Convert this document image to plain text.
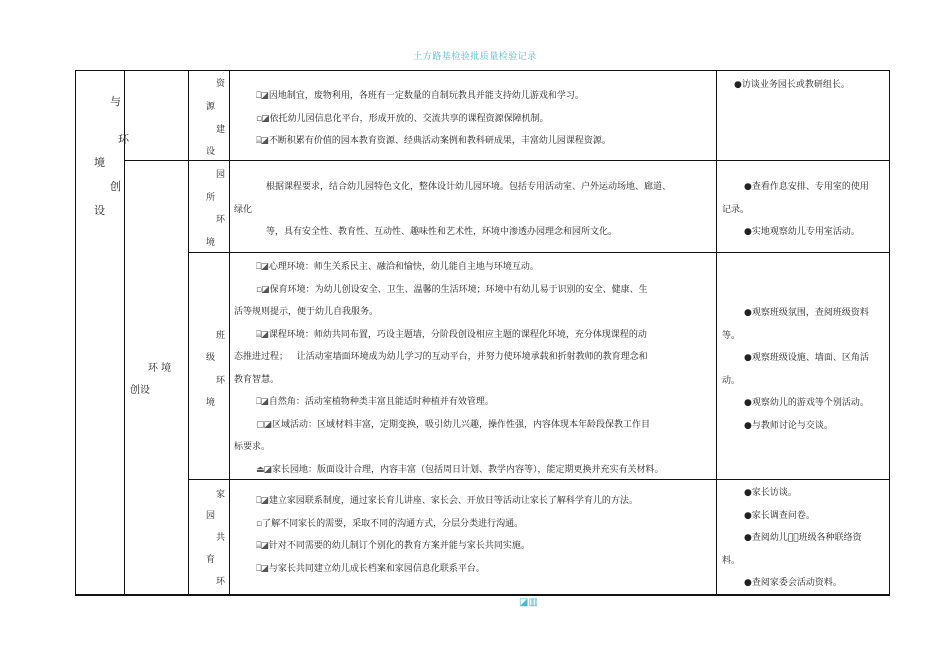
土方路基检验批质量检验记录
与
环
境
创
设
环 境
创设
资
源
建
设
园
所
环
境
班
级
环
境
家
园
共
育
环

⎕◪因地制宜，废物利用，各班有一定数量的自制玩教具并能支持幼儿游戏和学习。

▫◪依托幼儿园信息化平台，形成开放的、交流共享的课程资源保障机制。

⌸◪不断积累有价值的园本教育资源、经典活动案例和教科研成果，丰富幼儿园课程资源。

根据课程要求，结合幼儿园特色文化，整体设计幼儿园环境。包括专用活动室、户外运动场地、廊道、

绿化

等，具有安全性、教育性、互动性、趣味性和艺术性，环境中渗透办园理念和园所文化。

⎕◪心理环境：师生关系民主、融洽和愉快，幼儿能自主地与环境互动。

▫◪保育环境：为幼儿创设安全、卫生、温馨的生活环境；环境中有幼儿易于识别的安全、健康、生

活等规则提示，便于幼儿自我服务。

⌸◪课程环境：师幼共同布置，巧设主题墙，分阶段创设相应主题的课程化环境，充分体现课程的动

态推进过程；   让活动室墙面环境成为幼儿学习的互动平台，并努力使环境承载和折射教师的教育理念和

教育智慧。

⎕◪自然角：活动室植物种类丰富且能适时种植并有效管理。

▢◪区域活动：区域材料丰富，定期变换，吸引幼儿兴趣，操作性强，内容体现本年龄段保教工作目

标要求。

⏏◪家长园地：版面设计合理，内容丰富（包括周日计划、教学内容等），能定期更换并充实有关材料。

⎕◪建立家园联系制度，通过家长育儿讲座、家长会、开放日等活动让家长了解科学育儿的方法。

▫了解不同家长的需要，采取不同的沟通方式，分层分类进行沟通。

⌸◪针对不同需要的幼儿制订个别化的教育方案并能与家长共同实施。

⎕◪与家长共同建立幼儿成长档案和家园信息化联系平台。

●访谈业务园长或教研组长。

●查看作息安排、专用室的使用

记录。

●实地观察幼儿专用室活动。

●观察班级氛围，查阅班级资料

等。

●观察班级设施、墙面、区角活

动。

●观察幼儿的游戏等个别活动。

●与教师讨论与交谈。

●家长访谈。

●家长调查问卷。

●查阅幼儿园᷃班级各种联络资

料。

●查阅家委会活动资料。

◪▥
